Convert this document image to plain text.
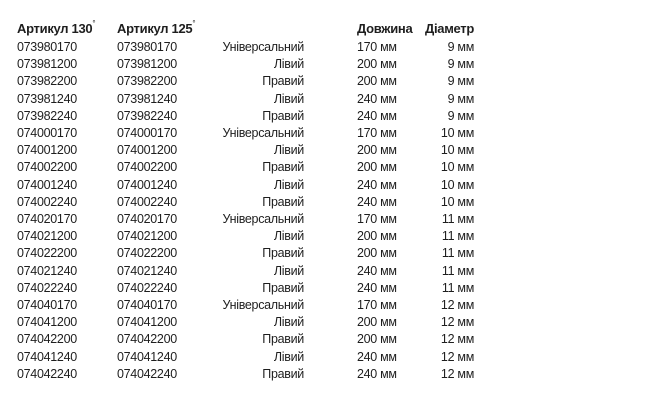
Артикул 130°	Артикул 125°		Довжина	Діаметр
073980170	073980170	Універсальний	170 мм	9 мм
073981200	073981200	Лівий	200 мм	9 мм
073982200	073982200	Правий	200 мм	9 мм
073981240	073981240	Лівий	240 мм	9 мм
073982240	073982240	Правий	240 мм	9 мм
074000170	074000170	Універсальний	170 мм	10 мм
074001200	074001200	Лівий	200 мм	10 мм
074002200	074002200	Правий	200 мм	10 мм
074001240	074001240	Лівий	240 мм	10 мм
074002240	074002240	Правий	240 мм	10 мм
074020170	074020170	Універсальний	170 мм	11 мм
074021200	074021200	Лівий	200 мм	11 мм
074022200	074022200	Правий	200 мм	11 мм
074021240	074021240	Лівий	240 мм	11 мм
074022240	074022240	Правий	240 мм	11 мм
074040170	074040170	Універсальний	170 мм	12 мм
074041200	074041200	Лівий	200 мм	12 мм
074042200	074042200	Правий	200 мм	12 мм
074041240	074041240	Лівий	240 мм	12 мм
074042240	074042240	Правий	240 мм	12 мм
